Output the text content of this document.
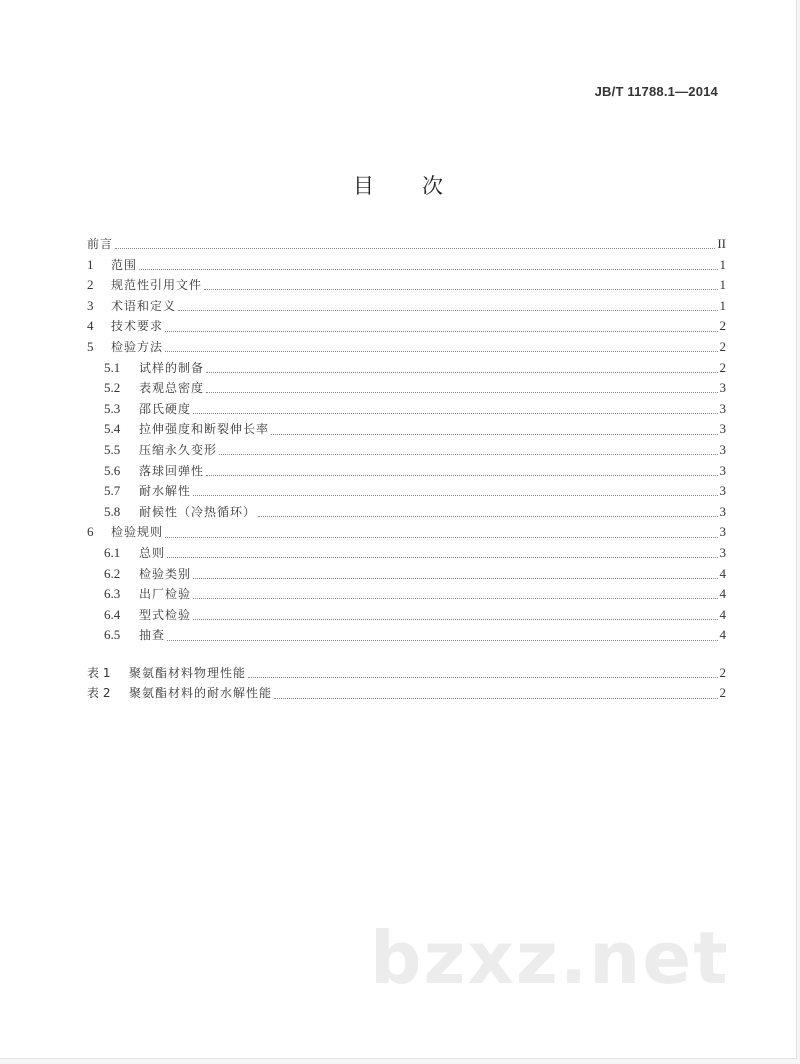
JB/T 11788.1—2014
目 次
前言	II
1	范围	1
2	规范性引用文件	1
3	术语和定义	1
4	技术要求	2
5	检验方法	2
5.1	试样的制备	2
5.2	表观总密度	3
5.3	邵氏硬度	3
5.4	拉伸强度和断裂伸长率	3
5.5	压缩永久变形	3
5.6	落球回弹性	3
5.7	耐水解性	3
5.8	耐候性（冷热循环）	3
6	检验规则	3
6.1	总则	3
6.2	检验类别	4
6.3	出厂检验	4
6.4	型式检验	4
6.5	抽查	4
表 1	聚氨酯材料物理性能	2
表 2	聚氨酯材料的耐水解性能	2
bzxz.net
